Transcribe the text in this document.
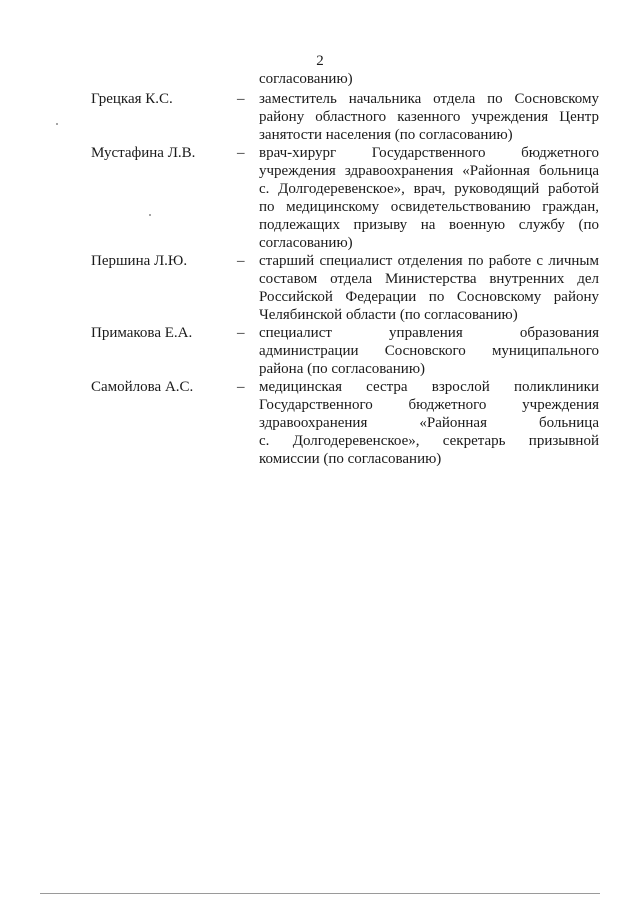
2
согласованию)
Грецкая К.С.	– заместитель начальника отдела по Сосновскому
району областного казенного учреждения Центр
занятости населения (по согласованию)
Мустафина Л.В.	– врач-хирург Государственного бюджетного
учреждения здравоохранения «Районная больница
с. Долгодеревенское», врач, руководящий работой
по медицинскому освидетельствованию граждан,
подлежащих призыву на военную службу (по
согласованию)
Першина Л.Ю.	– старший специалист отделения по работе с личным
составом отдела Министерства внутренних дел
Российской Федерации по Сосновскому району
Челябинской области (по согласованию)
Примакова Е.А.	– специалист управления образования
администрации Сосновского муниципального
района (по согласованию)
Самойлова А.С.	– медицинская сестра взрослой поликлиники
Государственного бюджетного учреждения
здравоохранения «Районная больница
с. Долгодеревенское», секретарь призывной
комиссии (по согласованию)
